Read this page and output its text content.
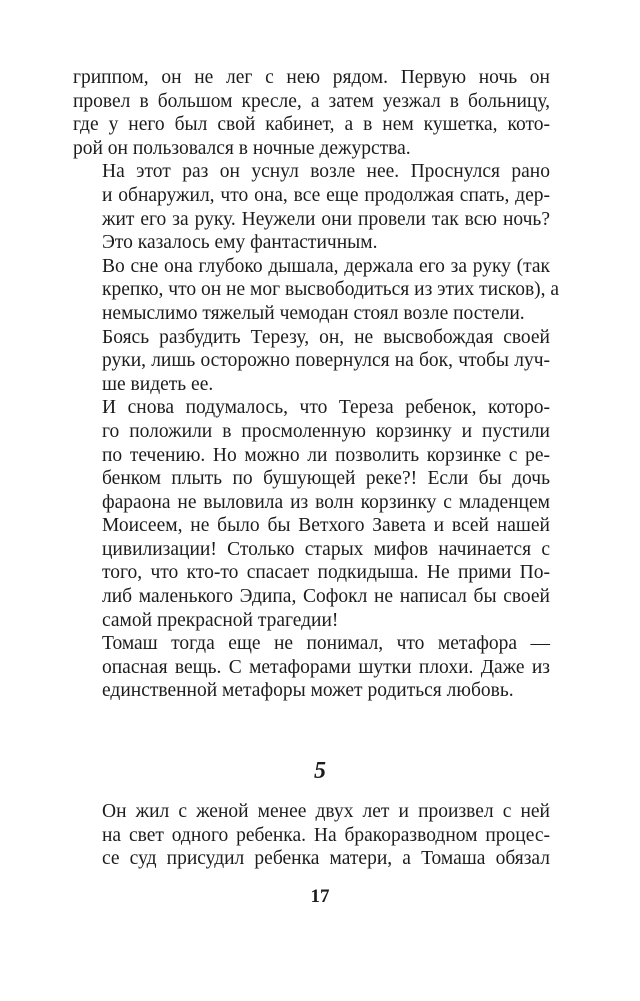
гриппом, он не лег с нею рядом. Первую ночь он
провел в большом кресле, а затем уезжал в больницу,
где у него был свой кабинет, а в нем кушетка, кото-
рой он пользовался в ночные дежурства.

На этот раз он уснул возле нее. Проснулся рано
и обнаружил, что она, все еще продолжая спать, дер-
жит его за руку. Неужели они провели так всю ночь?
Это казалось ему фантастичным.

Во сне она глубоко дышала, держала его за руку (так
крепко, что он не мог высвободиться из этих тисков), а
немыслимо тяжелый чемодан стоял возле постели.

Боясь разбудить Терезу, он, не высвобождая своей
руки, лишь осторожно повернулся на бок, чтобы луч-
ше видеть ее.

И снова подумалось, что Тереза ребенок, которо-
го положили в просмоленную корзинку и пустили
по течению. Но можно ли позволить корзинке с ре-
бенком плыть по бушующей реке?! Если бы дочь
фараона не выловила из волн корзинку с младенцем
Моисеем, не было бы Ветхого Завета и всей нашей
цивилизации! Столько старых мифов начинается с
того, что кто-то спасает подкидыша. Не прими По-
либ маленького Эдипа, Софокл не написал бы своей
самой прекрасной трагедии!

Томаш тогда еще не понимал, что метафора —
опасная вещь. С метафорами шутки плохи. Даже из
единственной метафоры может родиться любовь.

5

Он жил с женой менее двух лет и произвел с ней
на свет одного ребенка. На бракоразводном процес-
се суд присудил ребенка матери, а Томаша обязал

17
